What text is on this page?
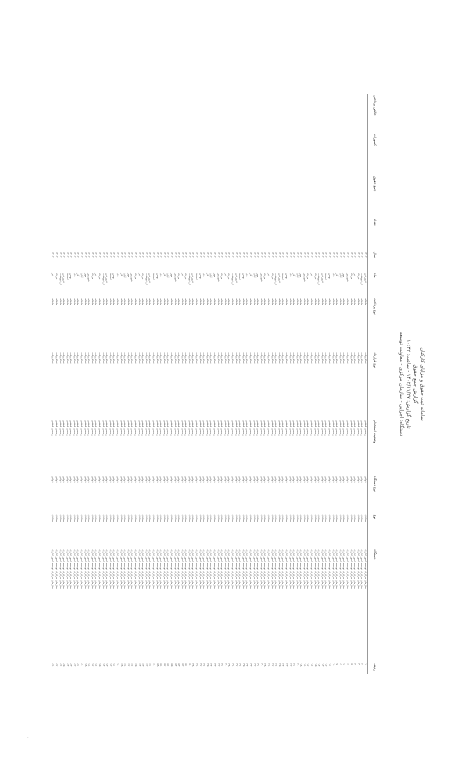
سامانه ثبت حقوق و مزایای کارکنان
گزارش جمع حقوق
تاریخ گزارش: ۱۴۰۲/۱۱/۲۷ - ساعت: ۱۰:۳۲
دستگاه: اجرایی - سازمان مرکزی - معاونت توسعه
ردیف
دستگاه
نوع
نوع دستگاه
وضعیت استخدام
نوع قرارداد
نوع پرداخت
ماه
سال
تعداد
جمع حقوق
کسورات
خالص پرداختی
۱
سازمان مرکزی توسعه امور اداری
ستادی
دولتی
رسمی قطعی
تمام وقت
ماهانه
فروردین
۱۴۰۲
۲
سازمان مرکزی توسعه امور اداری
ستادی
دولتی
رسمی قطعی
تمام وقت
ماهانه
اردیبهشت
۱۴۰۲
۳
سازمان مرکزی توسعه امور اداری
ستادی
دولتی
رسمی قطعی
تمام وقت
ماهانه
خرداد
۱۴۰۲
۴
سازمان مرکزی توسعه امور اداری
ستادی
دولتی
رسمی قطعی
تمام وقت
ماهانه
تیر
۱۴۰۲
۵
سازمان مرکزی توسعه امور اداری
ستادی
دولتی
رسمی قطعی
تمام وقت
ماهانه
مرداد
۱۴۰۲
۶
سازمان مرکزی توسعه امور اداری
ستادی
دولتی
رسمی قطعی
تمام وقت
ماهانه
شهریور
۱۴۰۲
۷
سازمان مرکزی توسعه امور اداری
ستادی
دولتی
رسمی قطعی
تمام وقت
ماهانه
مهر
۱۴۰۲
۸
سازمان مرکزی توسعه امور اداری
ستادی
دولتی
رسمی قطعی
تمام وقت
ماهانه
آبان
۱۴۰۲
۹
سازمان مرکزی توسعه امور اداری
ستادی
دولتی
رسمی قطعی
تمام وقت
ماهانه
آذر
۱۴۰۲
۱۰
سازمان مرکزی توسعه امور اداری
ستادی
دولتی
رسمی قطعی
تمام وقت
ماهانه
دی
۱۴۰۲
۱۱
سازمان مرکزی توسعه امور اداری
ستادی
دولتی
رسمی قطعی
تمام وقت
ماهانه
بهمن
۱۴۰۲
۱۲
سازمان مرکزی توسعه امور اداری
ستادی
دولتی
رسمی قطعی
تمام وقت
ماهانه
اسفند
۱۴۰۲
۱۳
سازمان مرکزی توسعه امور اداری
ستادی
دولتی
رسمی قطعی
تمام وقت
ماهانه
فروردین
۱۴۰۲
۱۴
سازمان مرکزی توسعه امور اداری
ستادی
دولتی
رسمی قطعی
تمام وقت
ماهانه
اردیبهشت
۱۴۰۲
۱۵
سازمان مرکزی توسعه امور اداری
ستادی
دولتی
رسمی قطعی
تمام وقت
ماهانه
خرداد
۱۴۰۲
۱۶
سازمان مرکزی توسعه امور اداری
ستادی
دولتی
رسمی قطعی
تمام وقت
ماهانه
تیر
۱۴۰۲
۱۷
سازمان مرکزی توسعه امور اداری
ستادی
دولتی
رسمی قطعی
تمام وقت
ماهانه
مرداد
۱۴۰۲
۱۸
سازمان مرکزی توسعه امور اداری
ستادی
دولتی
رسمی قطعی
تمام وقت
ماهانه
شهریور
۱۴۰۲
۱۹
سازمان مرکزی توسعه امور اداری
ستادی
دولتی
رسمی قطعی
تمام وقت
ماهانه
مهر
۱۴۰۲
۲۰
سازمان مرکزی توسعه امور اداری
ستادی
دولتی
رسمی قطعی
تمام وقت
ماهانه
آبان
۱۴۰۲
۲۱
سازمان مرکزی توسعه امور اداری
ستادی
دولتی
رسمی قطعی
تمام وقت
ماهانه
آذر
۱۴۰۲
۲۲
سازمان مرکزی توسعه امور اداری
ستادی
دولتی
رسمی قطعی
تمام وقت
ماهانه
دی
۱۴۰۲
۲۳
سازمان مرکزی توسعه امور اداری
ستادی
دولتی
رسمی قطعی
تمام وقت
ماهانه
بهمن
۱۴۰۲
۲۴
سازمان مرکزی توسعه امور اداری
ستادی
دولتی
رسمی قطعی
تمام وقت
ماهانه
اسفند
۱۴۰۲
۲۵
سازمان مرکزی توسعه امور اداری
ستادی
دولتی
رسمی قطعی
تمام وقت
ماهانه
فروردین
۱۴۰۲
۲۶
سازمان مرکزی توسعه امور اداری
ستادی
دولتی
رسمی قطعی
تمام وقت
ماهانه
اردیبهشت
۱۴۰۲
۲۷
سازمان مرکزی توسعه امور اداری
ستادی
دولتی
رسمی قطعی
تمام وقت
ماهانه
خرداد
۱۴۰۲
۲۸
سازمان مرکزی توسعه امور اداری
ستادی
دولتی
رسمی قطعی
تمام وقت
ماهانه
تیر
۱۴۰۲
۲۹
سازمان مرکزی توسعه امور اداری
ستادی
دولتی
رسمی قطعی
تمام وقت
ماهانه
مرداد
۱۴۰۲
۳۰
سازمان مرکزی توسعه امور اداری
ستادی
دولتی
رسمی قطعی
تمام وقت
ماهانه
شهریور
۱۴۰۲
۳۱
سازمان مرکزی توسعه امور اداری
ستادی
دولتی
رسمی قطعی
تمام وقت
ماهانه
مهر
۱۴۰۲
۳۲
سازمان مرکزی توسعه امور اداری
ستادی
دولتی
رسمی قطعی
تمام وقت
ماهانه
آبان
۱۴۰۲
۳۳
سازمان مرکزی توسعه امور اداری
ستادی
دولتی
رسمی قطعی
تمام وقت
ماهانه
آذر
۱۴۰۲
۳۴
سازمان مرکزی توسعه امور اداری
ستادی
دولتی
رسمی قطعی
تمام وقت
ماهانه
دی
۱۴۰۲
۳۵
سازمان مرکزی توسعه امور اداری
ستادی
دولتی
رسمی قطعی
تمام وقت
ماهانه
بهمن
۱۴۰۲
۳۶
سازمان مرکزی توسعه امور اداری
ستادی
دولتی
رسمی قطعی
تمام وقت
ماهانه
اسفند
۱۴۰۲
۳۷
سازمان مرکزی توسعه امور اداری
ستادی
دولتی
رسمی قطعی
تمام وقت
ماهانه
فروردین
۱۴۰۲
۳۸
سازمان مرکزی توسعه امور اداری
ستادی
دولتی
رسمی قطعی
تمام وقت
ماهانه
اردیبهشت
۱۴۰۲
۳۹
سازمان مرکزی توسعه امور اداری
ستادی
دولتی
رسمی قطعی
تمام وقت
ماهانه
خرداد
۱۴۰۲
۴۰
سازمان مرکزی توسعه امور اداری
ستادی
دولتی
رسمی قطعی
تمام وقت
ماهانه
تیر
۱۴۰۲
۴۱
سازمان مرکزی توسعه امور اداری
ستادی
دولتی
رسمی قطعی
تمام وقت
ماهانه
مرداد
۱۴۰۲
۴۲
سازمان مرکزی توسعه امور اداری
ستادی
دولتی
رسمی قطعی
تمام وقت
ماهانه
شهریور
۱۴۰۲
۴۳
سازمان مرکزی توسعه امور اداری
ستادی
دولتی
رسمی قطعی
تمام وقت
ماهانه
مهر
۱۴۰۲
۴۴
سازمان مرکزی توسعه امور اداری
ستادی
دولتی
رسمی قطعی
تمام وقت
ماهانه
آبان
۱۴۰۲
۴۵
سازمان مرکزی توسعه امور اداری
ستادی
دولتی
رسمی قطعی
تمام وقت
ماهانه
آذر
۱۴۰۲
۴۶
سازمان مرکزی توسعه امور اداری
ستادی
دولتی
رسمی قطعی
تمام وقت
ماهانه
دی
۱۴۰۲
۴۷
سازمان مرکزی توسعه امور اداری
ستادی
دولتی
رسمی قطعی
تمام وقت
ماهانه
بهمن
۱۴۰۲
۴۸
سازمان مرکزی توسعه امور اداری
ستادی
دولتی
رسمی قطعی
تمام وقت
ماهانه
اسفند
۱۴۰۲
۴۹
سازمان مرکزی توسعه امور اداری
ستادی
دولتی
رسمی قطعی
تمام وقت
ماهانه
فروردین
۱۴۰۲
۵۰
سازمان مرکزی توسعه امور اداری
ستادی
دولتی
رسمی قطعی
تمام وقت
ماهانه
اردیبهشت
۱۴۰۲
۵۱
سازمان مرکزی توسعه امور اداری
ستادی
دولتی
رسمی قطعی
تمام وقت
ماهانه
خرداد
۱۴۰۲
۵۲
سازمان مرکزی توسعه امور اداری
ستادی
دولتی
رسمی قطعی
تمام وقت
ماهانه
تیر
۱۴۰۲
۵۳
سازمان مرکزی توسعه امور اداری
ستادی
دولتی
رسمی قطعی
تمام وقت
ماهانه
مرداد
۱۴۰۲
۵۴
سازمان مرکزی توسعه امور اداری
ستادی
دولتی
رسمی قطعی
تمام وقت
ماهانه
شهریور
۱۴۰۲
۵۵
سازمان مرکزی توسعه امور اداری
ستادی
دولتی
رسمی قطعی
تمام وقت
ماهانه
مهر
۱۴۰۲
۵۶
سازمان مرکزی توسعه امور اداری
ستادی
دولتی
رسمی قطعی
تمام وقت
ماهانه
آبان
۱۴۰۲
۵۷
سازمان مرکزی توسعه امور اداری
ستادی
دولتی
رسمی قطعی
تمام وقت
ماهانه
آذر
۱۴۰۲
۵۸
سازمان مرکزی توسعه امور اداری
ستادی
دولتی
رسمی قطعی
تمام وقت
ماهانه
دی
۱۴۰۲
۵۹
سازمان مرکزی توسعه امور اداری
ستادی
دولتی
رسمی قطعی
تمام وقت
ماهانه
بهمن
۱۴۰۲
۶۰
سازمان مرکزی توسعه امور اداری
ستادی
دولتی
رسمی قطعی
تمام وقت
ماهانه
اسفند
۱۴۰۲
۶۱
سازمان مرکزی توسعه امور اداری
ستادی
دولتی
رسمی قطعی
تمام وقت
ماهانه
فروردین
۱۴۰۲
۶۲
سازمان مرکزی توسعه امور اداری
ستادی
دولتی
رسمی قطعی
تمام وقت
ماهانه
اردیبهشت
۱۴۰۲
۶۳
سازمان مرکزی توسعه امور اداری
ستادی
دولتی
رسمی قطعی
تمام وقت
ماهانه
خرداد
۱۴۰۲
۶۴
سازمان مرکزی توسعه امور اداری
ستادی
دولتی
رسمی قطعی
تمام وقت
ماهانه
تیر
۱۴۰۲
۶۵
سازمان مرکزی توسعه امور اداری
ستادی
دولتی
رسمی قطعی
تمام وقت
ماهانه
مرداد
۱۴۰۲
۶۶
سازمان مرکزی توسعه امور اداری
ستادی
دولتی
رسمی قطعی
تمام وقت
ماهانه
شهریور
۱۴۰۲
۶۷
سازمان مرکزی توسعه امور اداری
ستادی
دولتی
رسمی قطعی
تمام وقت
ماهانه
مهر
۱۴۰۲
۶۸
سازمان مرکزی توسعه امور اداری
ستادی
دولتی
رسمی قطعی
تمام وقت
ماهانه
آبان
۱۴۰۲
۶۹
سازمان مرکزی توسعه امور اداری
ستادی
دولتی
رسمی قطعی
تمام وقت
ماهانه
آذر
۱۴۰۲
۷۰
سازمان مرکزی توسعه امور اداری
ستادی
دولتی
رسمی قطعی
تمام وقت
ماهانه
دی
۱۴۰۲
۷۱
سازمان مرکزی توسعه امور اداری
ستادی
دولتی
رسمی قطعی
تمام وقت
ماهانه
بهمن
۱۴۰۲
۷۲
سازمان مرکزی توسعه امور اداری
ستادی
دولتی
رسمی قطعی
تمام وقت
ماهانه
اسفند
۱۴۰۲
۷۳
سازمان مرکزی توسعه امور اداری
ستادی
دولتی
رسمی قطعی
تمام وقت
ماهانه
فروردین
۱۴۰۲
۷۴
سازمان مرکزی توسعه امور اداری
ستادی
دولتی
رسمی قطعی
تمام وقت
ماهانه
اردیبهشت
۱۴۰۲
۷۵
سازمان مرکزی توسعه امور اداری
ستادی
دولتی
رسمی قطعی
تمام وقت
ماهانه
خرداد
۱۴۰۲
۷۶
سازمان مرکزی توسعه امور اداری
ستادی
دولتی
رسمی قطعی
تمام وقت
ماهانه
تیر
۱۴۰۲
۷۷
سازمان مرکزی توسعه امور اداری
ستادی
دولتی
رسمی قطعی
تمام وقت
ماهانه
مرداد
۱۴۰۲
۷۸
سازمان مرکزی توسعه امور اداری
ستادی
دولتی
رسمی قطعی
تمام وقت
ماهانه
شهریور
۱۴۰۲
۷۹
سازمان مرکزی توسعه امور اداری
ستادی
دولتی
رسمی قطعی
تمام وقت
ماهانه
مهر
۱۴۰۲
۸۰
سازمان مرکزی توسعه امور اداری
ستادی
دولتی
رسمی قطعی
تمام وقت
ماهانه
آبان
۱۴۰۲
۸۱
سازمان مرکزی توسعه امور اداری
ستادی
دولتی
رسمی قطعی
تمام وقت
ماهانه
آذر
۱۴۰۲
۸۲
سازمان مرکزی توسعه امور اداری
ستادی
دولتی
رسمی قطعی
تمام وقت
ماهانه
دی
۱۴۰۲
۸۳
سازمان مرکزی توسعه امور اداری
ستادی
دولتی
رسمی قطعی
تمام وقت
ماهانه
بهمن
۱۴۰۲
۸۴
سازمان مرکزی توسعه امور اداری
ستادی
دولتی
رسمی قطعی
تمام وقت
ماهانه
اسفند
۱۴۰۲
۸۵
سازمان مرکزی توسعه امور اداری
ستادی
دولتی
رسمی قطعی
تمام وقت
ماهانه
فروردین
۱۴۰۲
۸۶
سازمان مرکزی توسعه امور اداری
ستادی
دولتی
رسمی قطعی
تمام وقت
ماهانه
اردیبهشت
۱۴۰۲
۸۷
سازمان مرکزی توسعه امور اداری
ستادی
دولتی
رسمی قطعی
تمام وقت
ماهانه
خرداد
۱۴۰۲
۸۸
سازمان مرکزی توسعه امور اداری
ستادی
دولتی
رسمی قطعی
تمام وقت
ماهانه
تیر
۱۴۰۲
-
